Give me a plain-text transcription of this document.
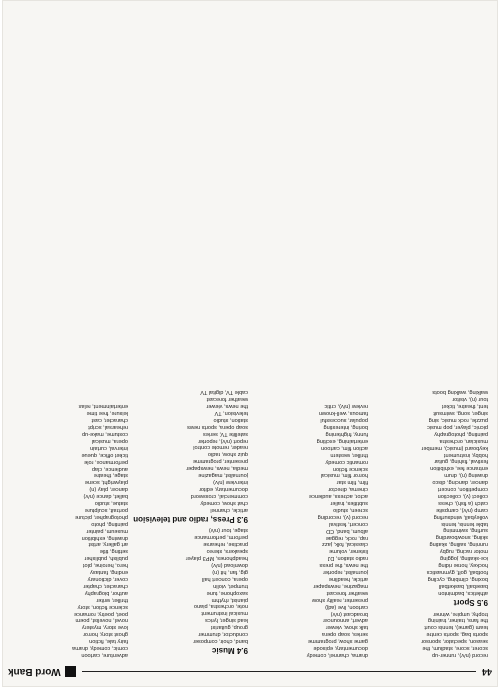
44
Word Bank
record (n/v), runner-up
scorer, score, stadium, the
season, spectator, sponsor
sports bag, sports centre
team (game), tennis court
the fans, trainer, training
trophy, umpire, winner
9.5 Sport
athletics, badminton
baseball, basketball
boxing, climbing, cycling
football, golf, gymnastics
hockey, horse riding
ice-skating, jogging
motor racing, rugby
running, sailing, skating
skiing, snowboarding
surfing, swimming
table tennis, tennis
volleyball, windsurfing
camp (n/v), campsite
catch (a fish), chess
collect (v), collection
competition, concert
dancer, dancing, disco
drawing (n), drum
entrance fee, exhibition
festival, fishing, guitar
hobby, instrument
keyboard (music), member
musician, orchestra
painting, photography
picnic, player, pop music
puzzle, rock music, sing
singer, song, swimsuit
tent, theatre, ticket
tour (n), visitor
walking, walking boots
drama, channel, comedy
documentary, episode
game show, programme
series, soap opera
talk show, viewer
advert, announcer
broadcast (n/v)
cartoon, live (adj)
presenter, reality show
weather forecast
magazine, newspaper
article, headline
journalist, reporter
the news, the press
radio station, DJ
listener, volume
classical, folk, jazz
rap, rock, reggae
album, band, CD
concert, festival
record (v), recording
screen, studio
subtitles, trailer
actor, actress, audience
cinema, director
film, film star
horror film, musical
science fiction
romantic comedy
thriller, western
action film, cartoon
entertaining, exciting
funny, frightening
boring, interesting
popular, successful
famous, well-known
review (n/v), critic
9.4 Music
band, choir, composer
conductor, drummer
group, guitarist
lead singer, lyrics
musical instrument
note, orchestra, piano
pianist, rhythm
saxophone, tune
trumpet, violin
opera, concert hall
gig, fan, hit (n)
download (n/v)
headphones, MP3 player
speakers, stereo
practise, rehearse
perform, performance
stage, tour (n/v)
9.3 Press, radio and television
article, channel
chat show, comedy
commercial, crossword
documentary, editor
interview (n/v)
journalist, magazine
media, news, newspaper
presenter, programme
quiz show, radio
reader, remote control
report (n/v), reporter
satellite TV, series
soap opera, sports news
station, studio
television, TV
the news, viewer
weather forecast
cable TV, digital TV
adventure, cartoon
comic, comedy, drama
fairy tale, fiction
ghost story, horror
love story, mystery
novel, novelist, poem
poet, poetry, romance
science fiction, story
thriller, writer
author, biography
character, chapter
cover, dictionary
ending, fantasy
hero, heroine, plot
publish, publisher
setting, title
art gallery, artist
drawing, exhibition
museum, painter
painting, photo
photographer, picture
portrait, sculpture
statue, studio
ballet, dance (n/v)
dancer, play (n)
playwright, scene
stage, theatre
audience, clap
performance, role
ticket office, queue
interval, curtain
opera, musical
costume, make-up
rehearsal, script
character, cast
leisure, free time
entertainment, relax
